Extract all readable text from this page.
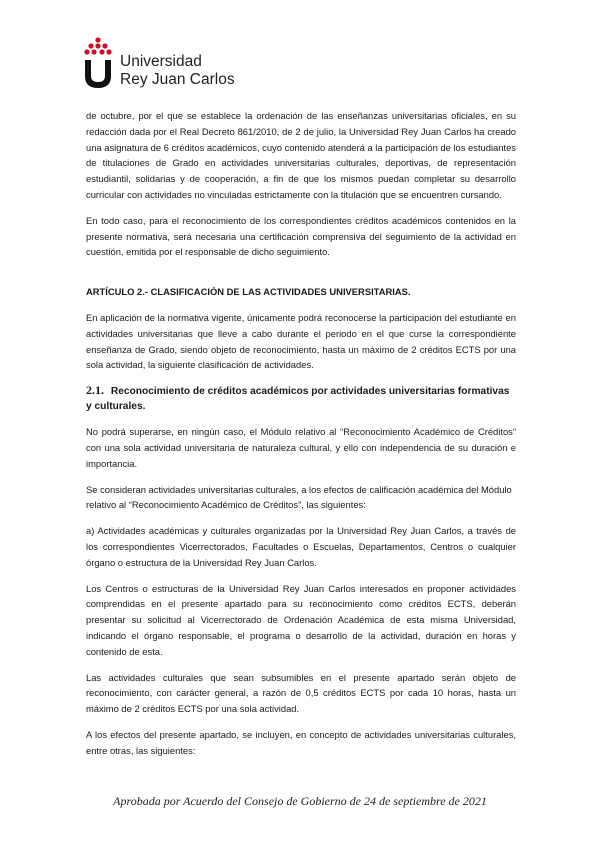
Universidad
Rey Juan Carlos

de octubre, por el que se establece la ordenación de las enseñanzas universitarias oficiales, en su redacción dada por el Real Decreto 861/2010, de 2 de julio, la Universidad Rey Juan Carlos ha creado una asignatura de 6 créditos académicos, cuyo contenido atenderá a la participación de los estudiantes de titulaciones de Grado en actividades universitarias culturales, deportivas, de representación estudiantil, solidarias y de cooperación, a fin de que los mismos puedan completar su desarrollo curricular con actividades no vinculadas estrictamente con la titulación que se encuentren cursando.

En todo caso, para el reconocimiento de los correspondientes créditos académicos contenidos en la presente normativa, será necesaria una certificación comprensiva del seguimiento de la actividad en cuestión, emitida por el responsable de dicho seguimiento.

ARTÍCULO 2.- CLASIFICACIÓN DE LAS ACTIVIDADES UNIVERSITARIAS.

En aplicación de la normativa vigente, únicamente podrá reconocerse la participación del estudiante en actividades universitarias que lleve a cabo durante el periodo en el que curse la correspondiente enseñanza de Grado, siendo objeto de reconocimiento, hasta un máximo de 2 créditos ECTS por una sola actividad, la siguiente clasificación de actividades.

2.1. Reconocimiento de créditos académicos por actividades universitarias formativas y culturales.

No podrá superarse, en ningún caso, el Módulo relativo al “Reconocimiento Académico de Créditos” con una sola actividad universitaria de naturaleza cultural, y ello con independencia de su duración e importancia.

Se consideran actividades universitarias culturales, a los efectos de calificación académica del Módulo relativo al “Reconocimiento Académico de Créditos”, las siguientes:

a) Actividades académicas y culturales organizadas por la Universidad Rey Juan Carlos, a través de los correspondientes Vicerrectorados, Facultades o Escuelas, Departamentos, Centros o cualquier órgano o estructura de la Universidad Rey Juan Carlos.

Los Centros o estructuras de la Universidad Rey Juan Carlos interesados en proponer actividades comprendidas en el presente apartado para su reconocimiento como créditos ECTS, deberán presentar su solicitud al Vicerrectorado de Ordenación Académica de esta misma Universidad, indicando el órgano responsable, el programa o desarrollo de la actividad, duración en horas y contenido de esta.

Las actividades culturales que sean subsumibles en el presente apartado serán objeto de reconocimiento, con carácter general, a razón de 0,5 créditos ECTS por cada 10 horas, hasta un máximo de 2 créditos ECTS por una sola actividad.

A los efectos del presente apartado, se incluyen, en concepto de actividades universitarias culturales, entre otras, las siguientes:

Aprobada por Acuerdo del Consejo de Gobierno de 24 de septiembre de 2021
